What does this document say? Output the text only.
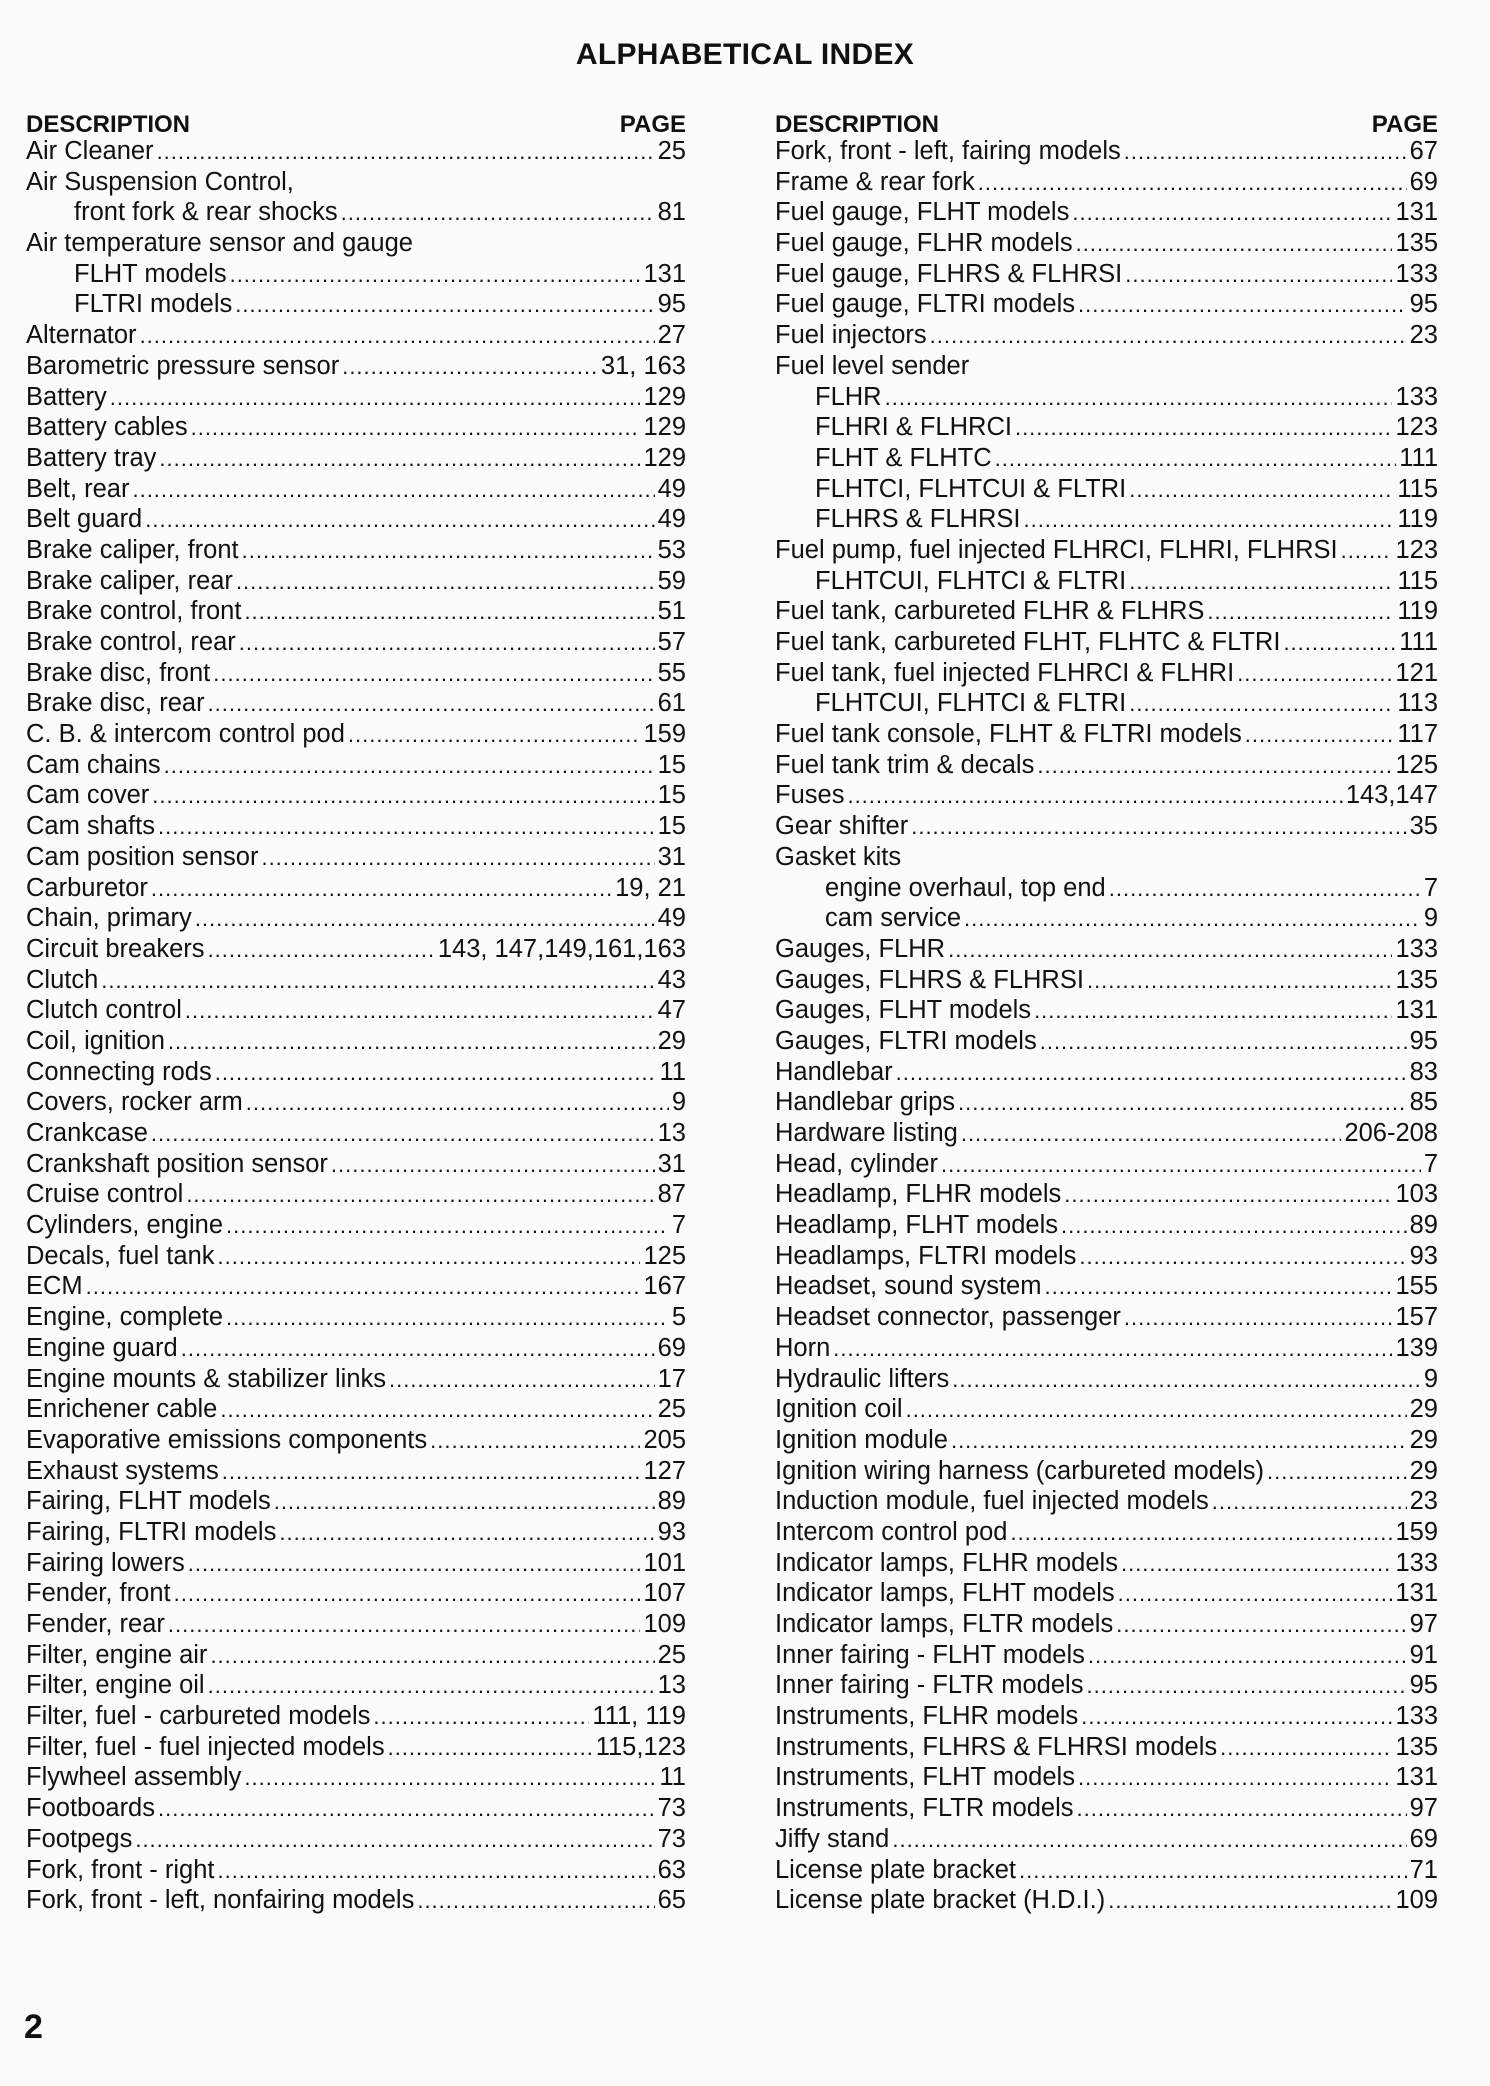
ALPHABETICAL INDEX
DESCRIPTION	PAGE
Air Cleaner .....	25
Air Suspension Control,
front fork & rear shocks .....	81
Air temperature sensor and gauge
FLHT models .....	131
FLTRI models .....	95
Alternator .....	27
Barometric pressure sensor .....	31, 163
Battery .....	129
Battery cables .....	129
Battery tray .....	129
Belt, rear .....	49
Belt guard .....	49
Brake caliper, front .....	53
Brake caliper, rear .....	59
Brake control, front .....	51
Brake control, rear .....	57
Brake disc, front .....	55
Brake disc, rear .....	61
C. B. & intercom control pod .....	159
Cam chains .....	15
Cam cover .....	15
Cam shafts .....	15
Cam position sensor .....	31
Carburetor .....	19, 21
Chain, primary .....	49
Circuit breakers .....	143, 147,149,161,163
Clutch .....	43
Clutch control .....	47
Coil, ignition .....	29
Connecting rods .....	11
Covers, rocker arm .....	9
Crankcase .....	13
Crankshaft position sensor .....	31
Cruise control .....	87
Cylinders, engine .....	7
Decals, fuel tank .....	125
ECM .....	167
Engine, complete .....	5
Engine guard .....	69
Engine mounts & stabilizer links .....	17
Enrichener cable .....	25
Evaporative emissions components .....	205
Exhaust systems .....	127
Fairing, FLHT models .....	89
Fairing, FLTRI models .....	93
Fairing lowers .....	101
Fender, front .....	107
Fender, rear .....	109
Filter, engine air .....	25
Filter, engine oil .....	13
Filter, fuel - carbureted models .....	111, 119
Filter, fuel - fuel injected models .....	115,123
Flywheel assembly .....	11
Footboards .....	73
Footpegs .....	73
Fork, front - right .....	63
Fork, front - left, nonfairing models .....	65
DESCRIPTION	PAGE
Fork, front - left, fairing models .....	67
Frame & rear fork .....	69
Fuel gauge, FLHT models .....	131
Fuel gauge, FLHR models .....	135
Fuel gauge, FLHRS & FLHRSI .....	133
Fuel gauge, FLTRI models .....	95
Fuel injectors .....	23
Fuel level sender
FLHR .....	133
FLHRI & FLHRCI .....	123
FLHT & FLHTC .....	111
FLHTCI, FLHTCUI & FLTRI .....	115
FLHRS & FLHRSI .....	119
Fuel pump, fuel injected FLHRCI, FLHRI, FLHRSI ..... 123
FLHTCUI, FLHTCI & FLTRI .....	115
Fuel tank, carbureted FLHR & FLHRS .....	119
Fuel tank, carbureted FLHT, FLHTC & FLTRI .....	111
Fuel tank, fuel injected FLHRCI & FLHRI .....	121
FLHTCUI, FLHTCI & FLTRI .....	113
Fuel tank console, FLHT & FLTRI models .....	117
Fuel tank trim & decals .....	125
Fuses .....	143,147
Gear shifter .....	35
Gasket kits
engine overhaul, top end .....	7
cam service .....	9
Gauges, FLHR .....	133
Gauges, FLHRS & FLHRSI .....	135
Gauges, FLHT models .....	131
Gauges, FLTRI models .....	95
Handlebar .....	83
Handlebar grips .....	85
Hardware listing .....	206-208
Head, cylinder .....	7
Headlamp, FLHR models .....	103
Headlamp, FLHT models .....	89
Headlamps, FLTRI models .....	93
Headset, sound system .....	155
Headset connector, passenger .....	157
Horn .....	139
Hydraulic lifters .....	9
Ignition coil .....	29
Ignition module .....	29
Ignition wiring harness (carbureted models) .....	29
Induction module, fuel injected models .....	23
Intercom control pod .....	159
Indicator lamps, FLHR models .....	133
Indicator lamps, FLHT models .....	131
Indicator lamps, FLTR models .....	97
Inner fairing - FLHT models .....	91
Inner fairing - FLTR models .....	95
Instruments, FLHR models .....	133
Instruments, FLHRS & FLHRSI models .....	135
Instruments, FLHT models .....	131
Instruments, FLTR models .....	97
Jiffy stand .....	69
License plate bracket .....	71
License plate bracket (H.D.I.) .....	109
2
